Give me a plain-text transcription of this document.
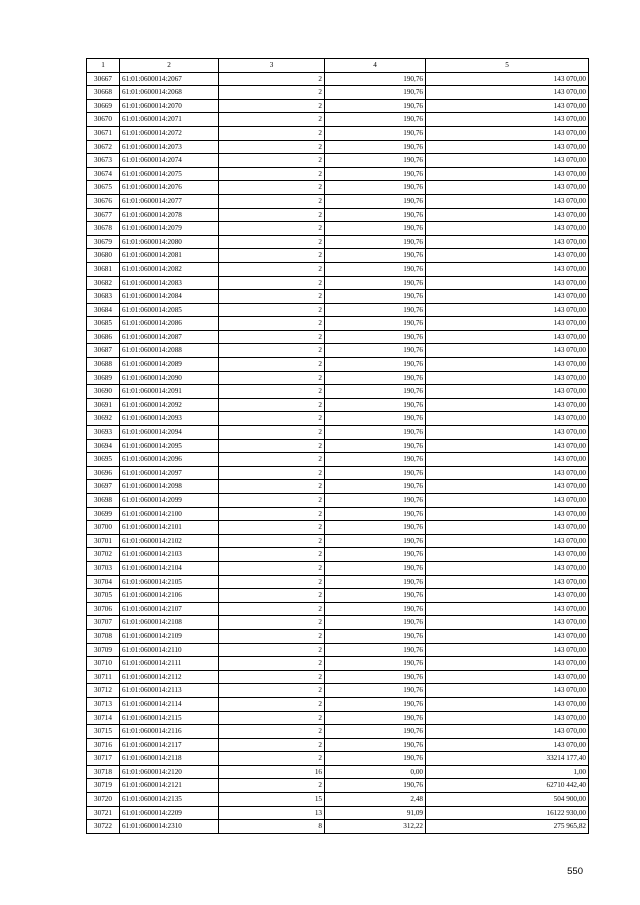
1	2	3	4	5
30667	61:01:0600014:2067	2	190,76	143 070,00
30668	61:01:0600014:2068	2	190,76	143 070,00
30669	61:01:0600014:2070	2	190,76	143 070,00
30670	61:01:0600014:2071	2	190,76	143 070,00
30671	61:01:0600014:2072	2	190,76	143 070,00
30672	61:01:0600014:2073	2	190,76	143 070,00
30673	61:01:0600014:2074	2	190,76	143 070,00
30674	61:01:0600014:2075	2	190,76	143 070,00
30675	61:01:0600014:2076	2	190,76	143 070,00
30676	61:01:0600014:2077	2	190,76	143 070,00
30677	61:01:0600014:2078	2	190,76	143 070,00
30678	61:01:0600014:2079	2	190,76	143 070,00
30679	61:01:0600014:2080	2	190,76	143 070,00
30680	61:01:0600014:2081	2	190,76	143 070,00
30681	61:01:0600014:2082	2	190,76	143 070,00
30682	61:01:0600014:2083	2	190,76	143 070,00
30683	61:01:0600014:2084	2	190,76	143 070,00
30684	61:01:0600014:2085	2	190,76	143 070,00
30685	61:01:0600014:2086	2	190,76	143 070,00
30686	61:01:0600014:2087	2	190,76	143 070,00
30687	61:01:0600014:2088	2	190,76	143 070,00
30688	61:01:0600014:2089	2	190,76	143 070,00
30689	61:01:0600014:2090	2	190,76	143 070,00
30690	61:01:0600014:2091	2	190,76	143 070,00
30691	61:01:0600014:2092	2	190,76	143 070,00
30692	61:01:0600014:2093	2	190,76	143 070,00
30693	61:01:0600014:2094	2	190,76	143 070,00
30694	61:01:0600014:2095	2	190,76	143 070,00
30695	61:01:0600014:2096	2	190,76	143 070,00
30696	61:01:0600014:2097	2	190,76	143 070,00
30697	61:01:0600014:2098	2	190,76	143 070,00
30698	61:01:0600014:2099	2	190,76	143 070,00
30699	61:01:0600014:2100	2	190,76	143 070,00
30700	61:01:0600014:2101	2	190,76	143 070,00
30701	61:01:0600014:2102	2	190,76	143 070,00
30702	61:01:0600014:2103	2	190,76	143 070,00
30703	61:01:0600014:2104	2	190,76	143 070,00
30704	61:01:0600014:2105	2	190,76	143 070,00
30705	61:01:0600014:2106	2	190,76	143 070,00
30706	61:01:0600014:2107	2	190,76	143 070,00
30707	61:01:0600014:2108	2	190,76	143 070,00
30708	61:01:0600014:2109	2	190,76	143 070,00
30709	61:01:0600014:2110	2	190,76	143 070,00
30710	61:01:0600014:2111	2	190,76	143 070,00
30711	61:01:0600014:2112	2	190,76	143 070,00
30712	61:01:0600014:2113	2	190,76	143 070,00
30713	61:01:0600014:2114	2	190,76	143 070,00
30714	61:01:0600014:2115	2	190,76	143 070,00
30715	61:01:0600014:2116	2	190,76	143 070,00
30716	61:01:0600014:2117	2	190,76	143 070,00
30717	61:01:0600014:2118	2	190,76	33214 177,40
30718	61:01:0600014:2120	16	0,00	1,00
30719	61:01:0600014:2121	2	190,76	62710 442,40
30720	61:01:0600014:2135	15	2,48	504 900,00
30721	61:01:0600014:2209	13	91,09	16122 930,00
30722	61:01:0600014:2310	8	312,22	275 965,82
550
